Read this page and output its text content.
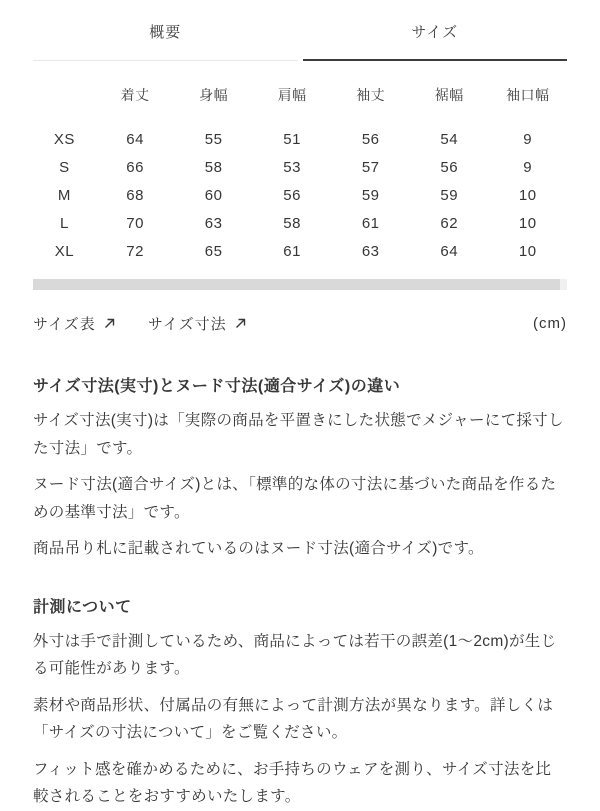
概要	サイズ
着丈	身幅	肩幅	袖丈	裾幅	袖口幅
XS	64	55	51	56	54	9
S	66	58	53	57	56	9
M	68	60	56	59	59	10
L	70	63	58	61	62	10
XL	72	65	61	63	64	10
サイズ表	サイズ寸法	(cm)
サイズ寸法(実寸)とヌード寸法(適合サイズ)の違い

サイズ寸法(実寸)は「実際の商品を平置きにした状態でメジャーにて採寸した寸法」です。

ヌード寸法(適合サイズ)とは、「標準的な体の寸法に基づいた商品を作るための基準寸法」です。

商品吊り札に記載されているのはヌード寸法(適合サイズ)です。

計測について

外寸は手で計測しているため、商品によっては若干の誤差(1〜2cm)が生じる可能性があります。

素材や商品形状、付属品の有無によって計測方法が異なります。詳しくは「サイズの寸法について」をご覧ください。

フィット感を確かめるために、お手持ちのウェアを測り、サイズ寸法を比較されることをおすすめいたします。
